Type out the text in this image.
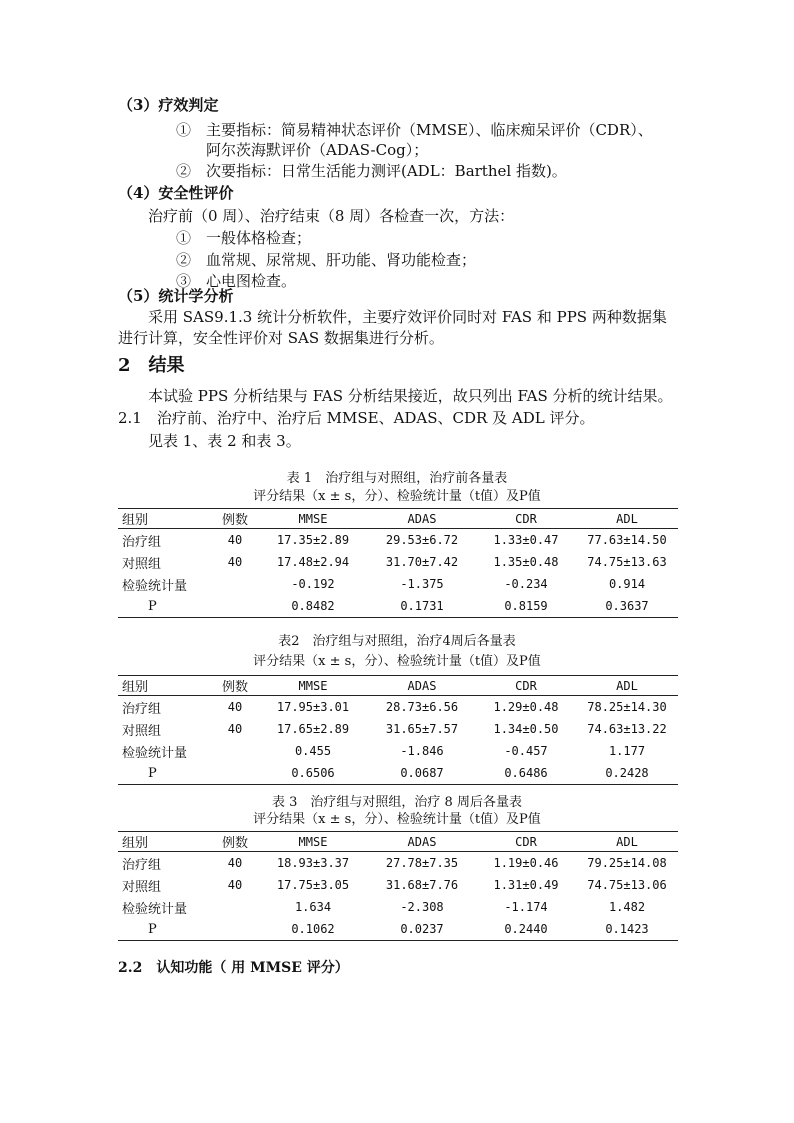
（3）疗效判定
①　主要指标：简易精神状态评价（MMSE）、临床痴呆评价（CDR）、
阿尔茨海默评价（ADAS-Cog）；
②　次要指标：日常生活能力测评(ADL：Barthel 指数)。
（4）安全性评价
治疗前（0 周）、治疗结束（8 周）各检查一次，方法：
①　一般体格检查；
②　血常规、尿常规、肝功能、肾功能检查；
③　心电图检查。
（5）统计学分析
采用 SAS9.1.3 统计分析软件，主要疗效评价同时对 FAS 和 PPS 两种数据集
进行计算，安全性评价对 SAS 数据集进行分析。
2　结果
本试验 PPS 分析结果与 FAS 分析结果接近，故只列出 FAS 分析的统计结果。
2.1　治疗前、治疗中、治疗后 MMSE、ADAS、CDR 及 ADL 评分。
见表 1、表 2 和表 3。
表 1　治疗组与对照组，治疗前各量表
评分结果（x ± s，分）、检验统计量（t值）及P值
组别	例数	MMSE	ADAS	CDR	ADL
治疗组	40	17.35±2.89	29.53±6.72	1.33±0.47	77.63±14.50
对照组	40	17.48±2.94	31.70±7.42	1.35±0.48	74.75±13.63
检验统计量		-0.192	-1.375	-0.234	0.914
P		0.8482	0.1731	0.8159	0.3637
表2　治疗组与对照组，治疗4周后各量表
评分结果（x ± s，分）、检验统计量（t值）及P值
组别	例数	MMSE	ADAS	CDR	ADL
治疗组	40	17.95±3.01	28.73±6.56	1.29±0.48	78.25±14.30
对照组	40	17.65±2.89	31.65±7.57	1.34±0.50	74.63±13.22
检验统计量		0.455	-1.846	-0.457	1.177
P		0.6506	0.0687	0.6486	0.2428
表 3　治疗组与对照组，治疗 8 周后各量表
评分结果（x ± s，分）、检验统计量（t值）及P值
组别	例数	MMSE	ADAS	CDR	ADL
治疗组	40	18.93±3.37	27.78±7.35	1.19±0.46	79.25±14.08
对照组	40	17.75±3.05	31.68±7.76	1.31±0.49	74.75±13.06
检验统计量		1.634	-2.308	-1.174	1.482
P		0.1062	0.0237	0.2440	0.1423
2.2　认知功能（ 用 MMSE 评分）
